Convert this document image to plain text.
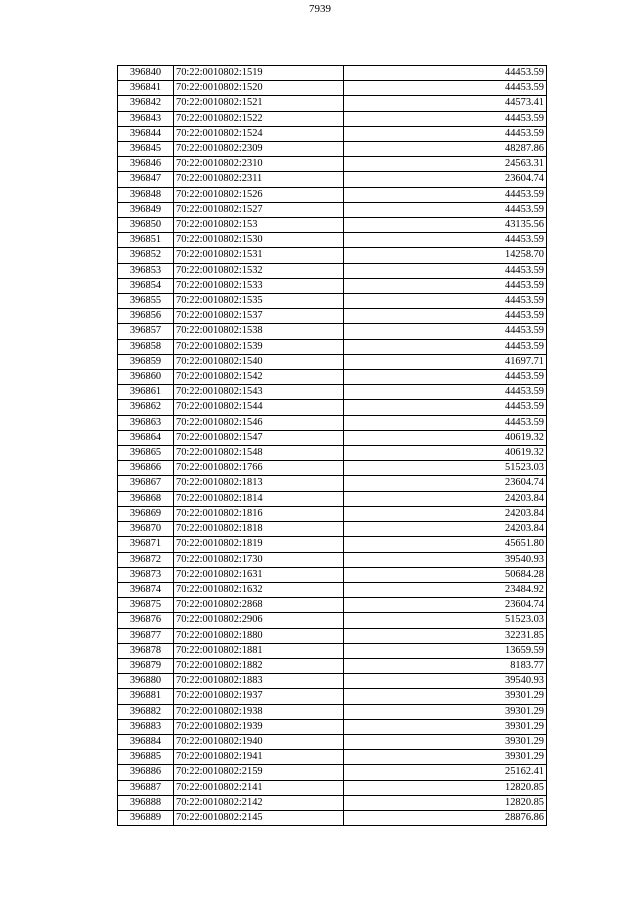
7939
396840	70:22:0010802:1519	44453.59
396841	70:22:0010802:1520	44453.59
396842	70:22:0010802:1521	44573.41
396843	70:22:0010802:1522	44453.59
396844	70:22:0010802:1524	44453.59
396845	70:22:0010802:2309	48287.86
396846	70:22:0010802:2310	24563.31
396847	70:22:0010802:2311	23604.74
396848	70:22:0010802:1526	44453.59
396849	70:22:0010802:1527	44453.59
396850	70:22:0010802:153	43135.56
396851	70:22:0010802:1530	44453.59
396852	70:22:0010802:1531	14258.70
396853	70:22:0010802:1532	44453.59
396854	70:22:0010802:1533	44453.59
396855	70:22:0010802:1535	44453.59
396856	70:22:0010802:1537	44453.59
396857	70:22:0010802:1538	44453.59
396858	70:22:0010802:1539	44453.59
396859	70:22:0010802:1540	41697.71
396860	70:22:0010802:1542	44453.59
396861	70:22:0010802:1543	44453.59
396862	70:22:0010802:1544	44453.59
396863	70:22:0010802:1546	44453.59
396864	70:22:0010802:1547	40619.32
396865	70:22:0010802:1548	40619.32
396866	70:22:0010802:1766	51523.03
396867	70:22:0010802:1813	23604.74
396868	70:22:0010802:1814	24203.84
396869	70:22:0010802:1816	24203.84
396870	70:22:0010802:1818	24203.84
396871	70:22:0010802:1819	45651.80
396872	70:22:0010802:1730	39540.93
396873	70:22:0010802:1631	50684.28
396874	70:22:0010802:1632	23484.92
396875	70:22:0010802:2868	23604.74
396876	70:22:0010802:2906	51523.03
396877	70:22:0010802:1880	32231.85
396878	70:22:0010802:1881	13659.59
396879	70:22:0010802:1882	8183.77
396880	70:22:0010802:1883	39540.93
396881	70:22:0010802:1937	39301.29
396882	70:22:0010802:1938	39301.29
396883	70:22:0010802:1939	39301.29
396884	70:22:0010802:1940	39301.29
396885	70:22:0010802:1941	39301.29
396886	70:22:0010802:2159	25162.41
396887	70:22:0010802:2141	12820.85
396888	70:22:0010802:2142	12820.85
396889	70:22:0010802:2145	28876.86
